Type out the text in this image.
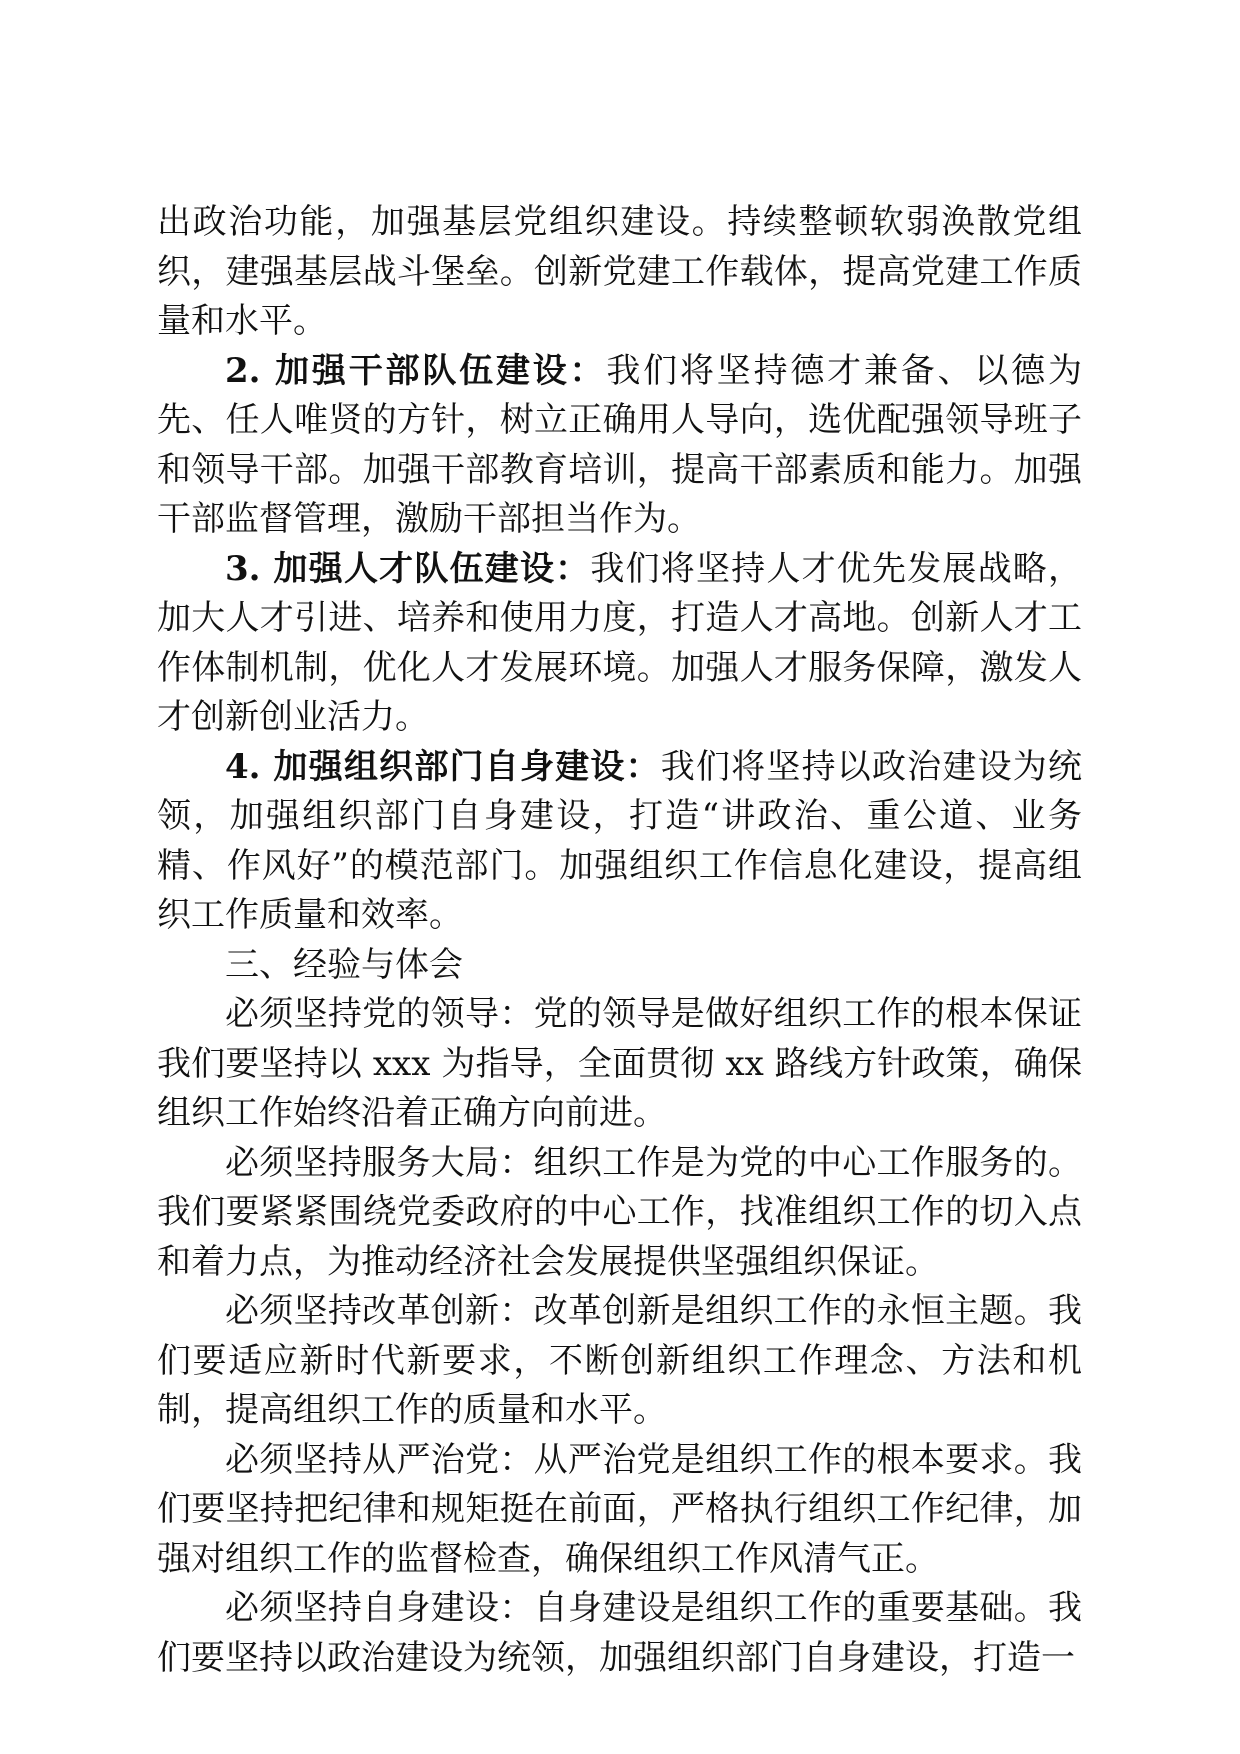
出政治功能，加强基层党组织建设。持续整顿软弱涣散党组织，建强基层战斗堡垒。创新党建工作载体，提高党建工作质量和水平。

2. 加强干部队伍建设：我们将坚持德才兼备、以德为先、任人唯贤的方针，树立正确用人导向，选优配强领导班子和领导干部。加强干部教育培训，提高干部素质和能力。加强干部监督管理，激励干部担当作为。

3. 加强人才队伍建设：我们将坚持人才优先发展战略，加大人才引进、培养和使用力度，打造人才高地。创新人才工作体制机制，优化人才发展环境。加强人才服务保障，激发人才创新创业活力。

4. 加强组织部门自身建设：我们将坚持以政治建设为统领，加强组织部门自身建设，打造“讲政治、重公道、业务精、作风好”的模范部门。加强组织工作信息化建设，提高组织工作质量和效率。

三、经验与体会

必须坚持党的领导：党的领导是做好组织工作的根本保证我们要坚持以 xxx 为指导，全面贯彻 xx 路线方针政策，确保组织工作始终沿着正确方向前进。

必须坚持服务大局：组织工作是为党的中心工作服务的。我们要紧紧围绕党委政府的中心工作，找准组织工作的切入点和着力点，为推动经济社会发展提供坚强组织保证。

必须坚持改革创新：改革创新是组织工作的永恒主题。我们要适应新时代新要求，不断创新组织工作理念、方法和机制，提高组织工作的质量和水平。

必须坚持从严治党：从严治党是组织工作的根本要求。我们要坚持把纪律和规矩挺在前面，严格执行组织工作纪律，加强对组织工作的监督检查，确保组织工作风清气正。

必须坚持自身建设：自身建设是组织工作的重要基础。我们要坚持以政治建设为统领，加强组织部门自身建设，打造一
